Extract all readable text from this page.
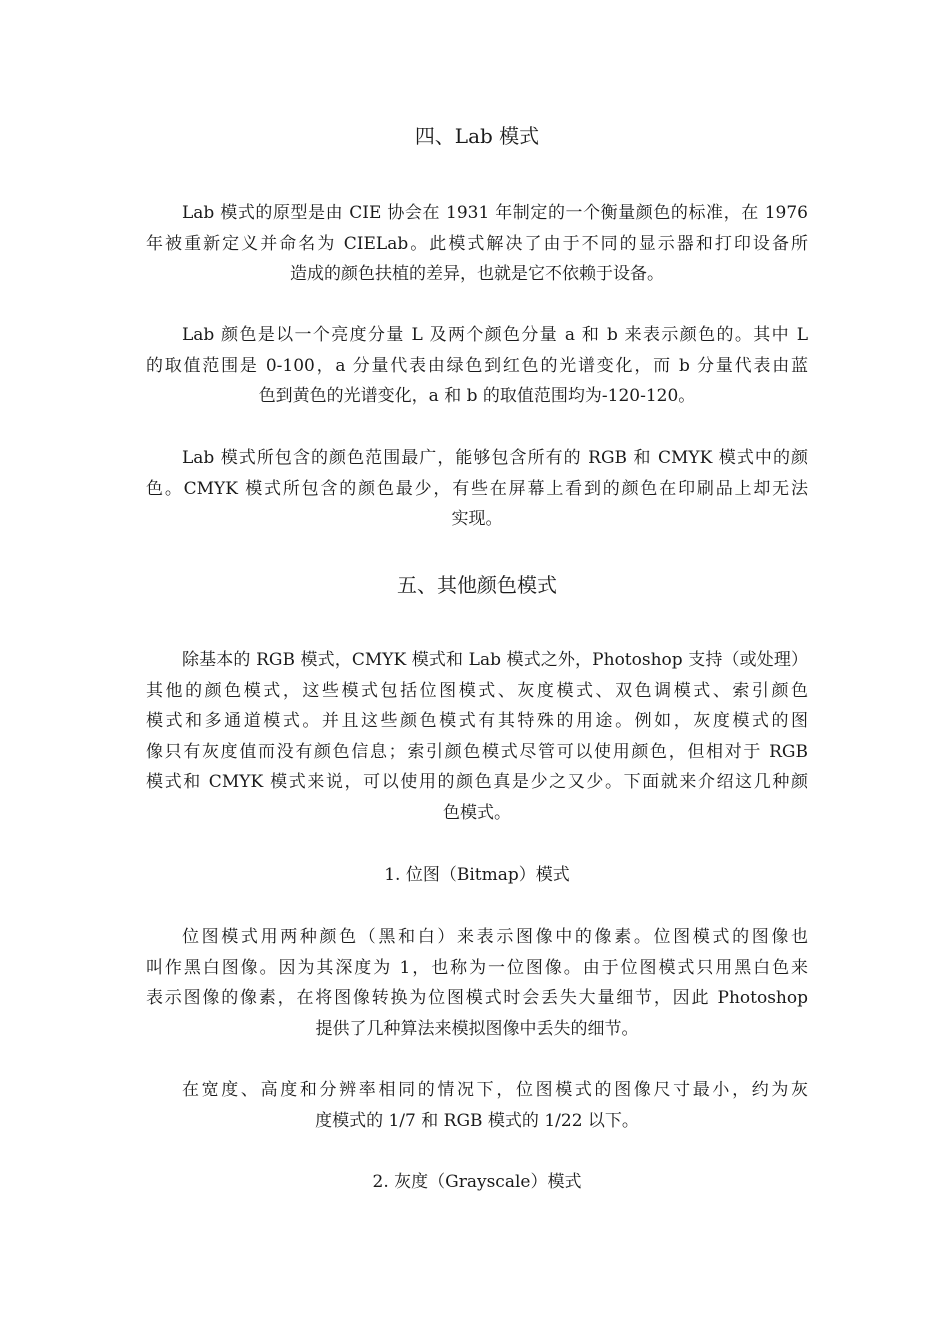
四、Lab 模式
Lab 模式的原型是由 CIE 协会在 1931 年制定的一个衡量颜色的标准，在 1976
年被重新定义并命名为 CIELab。此模式解决了由于不同的显示器和打印设备所
造成的颜色扶植的差异，也就是它不依赖于设备。
Lab 颜色是以一个亮度分量 L 及两个颜色分量 a 和 b 来表示颜色的。其中 L
的取值范围是 0-100，a 分量代表由绿色到红色的光谱变化，而 b 分量代表由蓝
色到黄色的光谱变化，a 和 b 的取值范围均为-120-120。
Lab 模式所包含的颜色范围最广，能够包含所有的 RGB 和 CMYK 模式中的颜
色。CMYK 模式所包含的颜色最少，有些在屏幕上看到的颜色在印刷品上却无法
实现。
五、其他颜色模式
除基本的 RGB 模式，CMYK 模式和 Lab 模式之外，Photoshop 支持（或处理）
其他的颜色模式，这些模式包括位图模式、灰度模式、双色调模式、索引颜色
模式和多通道模式。并且这些颜色模式有其特殊的用途。例如，灰度模式的图
像只有灰度值而没有颜色信息；索引颜色模式尽管可以使用颜色，但相对于 RGB
模式和 CMYK 模式来说，可以使用的颜色真是少之又少。下面就来介绍这几种颜
色模式。
1. 位图（Bitmap）模式
位图模式用两种颜色（黑和白）来表示图像中的像素。位图模式的图像也
叫作黑白图像。因为其深度为 1，也称为一位图像。由于位图模式只用黑白色来
表示图像的像素，在将图像转换为位图模式时会丢失大量细节，因此 Photoshop
提供了几种算法来模拟图像中丢失的细节。
在宽度、高度和分辨率相同的情况下，位图模式的图像尺寸最小，约为灰
度模式的 1/7 和 RGB 模式的 1/22 以下。
2. 灰度（Grayscale）模式
